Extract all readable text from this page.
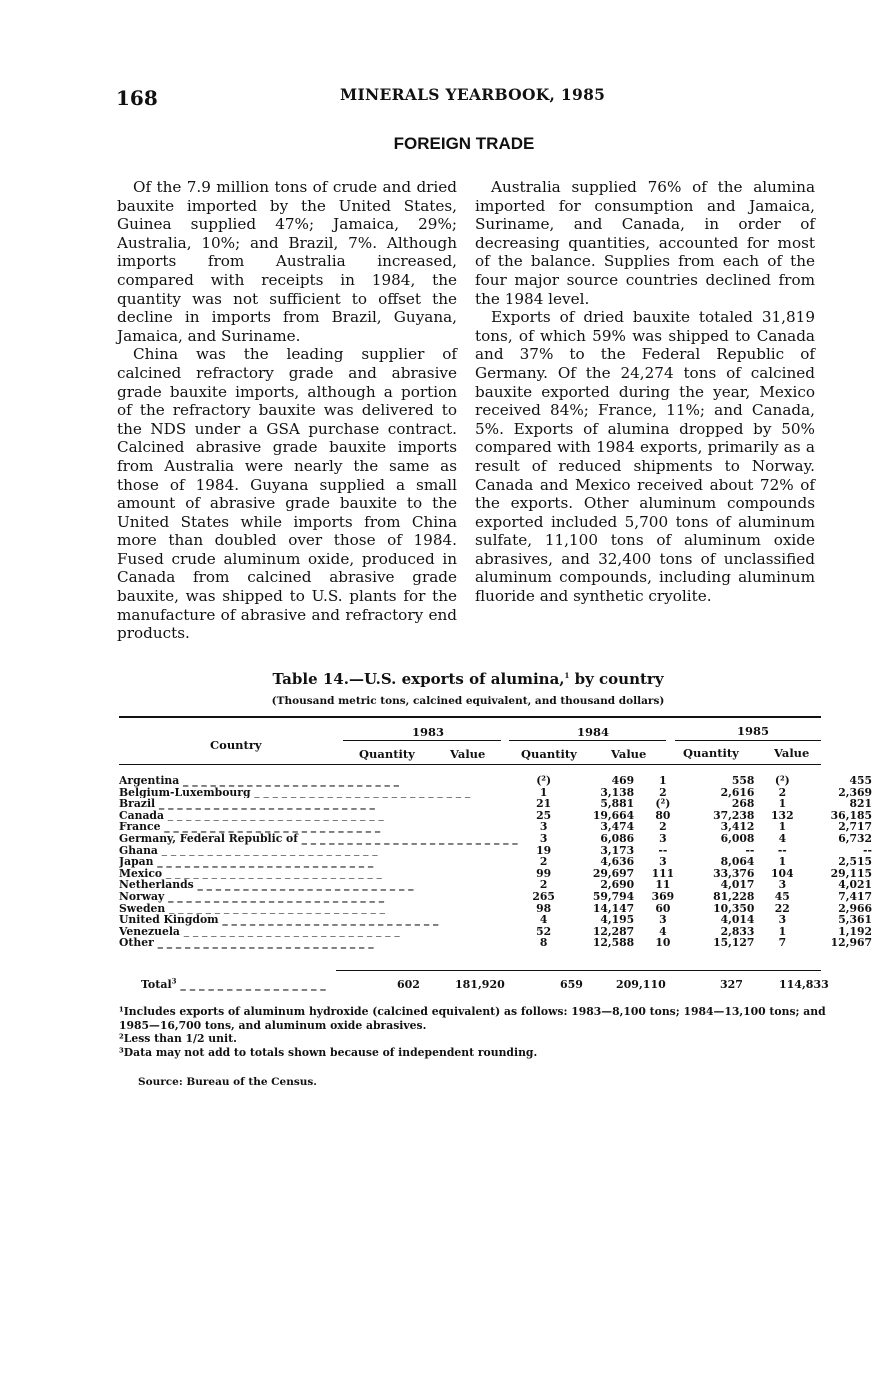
168	MINERALS YEARBOOK, 1985
FOREIGN TRADE

Of the 7.9 million tons of crude and dried bauxite imported by the United States, Guinea supplied 47%; Jamaica, 29%; Australia, 10%; and Brazil, 7%. Although imports from Australia increased, compared with receipts in 1984, the quantity was not sufficient to offset the decline in imports from Brazil, Guyana, Jamaica, and Suriname.

China was the leading supplier of calcined refractory grade and abrasive grade bauxite imports, although a portion of the refractory bauxite was delivered to the NDS under a GSA purchase contract. Calcined abrasive grade bauxite imports from Australia were nearly the same as those of 1984. Guyana supplied a small amount of abrasive grade bauxite to the United States while imports from China more than doubled over those of 1984. Fused crude aluminum oxide, produced in Canada from calcined abrasive grade bauxite, was shipped to U.S. plants for the manufacture of abrasive and refractory end products.

Australia supplied 76% of the alumina imported for consumption and Jamaica, Suriname, and Canada, in order of decreasing quantities, accounted for most of the balance. Supplies from each of the four major source countries declined from the 1984 level.

Exports of dried bauxite totaled 31,819 tons, of which 59% was shipped to Canada and 37% to the Federal Republic of Germany. Of the 24,274 tons of calcined bauxite exported during the year, Mexico received 84%; France, 11%; and Canada, 5%. Exports of alumina dropped by 50% compared with 1984 exports, primarily as a result of reduced shipments to Norway. Canada and Mexico received about 72% of the exports. Other aluminum compounds exported included 5,700 tons of aluminum sulfate, 11,100 tons of aluminum oxide abrasives, and 32,400 tons of unclassified aluminum compounds, including aluminum fluoride and synthetic cryolite.

Table 14.—U.S. exports of alumina,$^1$ by country
(Thousand metric tons, calcined equivalent, and thousand dollars)
Country
1983	1984	1985
Quantity	Value	Quantity	Value	Quantity	Value
Argentina _ _ _ _ _ _ _ _ _ _ _ _ _ _ _ _ _ _ _ _ _ _ _ _	(²)	469	1	558	(²)	455
Belgium-Luxembourg _ _ _ _ _ _ _ _ _ _ _ _ _ _ _ _ _ _ _ _ _ _ _ _	1	3,138	2	2,616	2	2,369
Brazil _ _ _ _ _ _ _ _ _ _ _ _ _ _ _ _ _ _ _ _ _ _ _ _	21	5,881	(²)	268	1	821
Canada _ _ _ _ _ _ _ _ _ _ _ _ _ _ _ _ _ _ _ _ _ _ _ _	25	19,664	80	37,238	132	36,185
France _ _ _ _ _ _ _ _ _ _ _ _ _ _ _ _ _ _ _ _ _ _ _ _	3	3,474	2	3,412	1	2,717
Germany, Federal Republic of _ _ _ _ _ _ _ _ _ _ _ _ _ _ _ _ _ _ _ _ _ _ _ _	3	6,086	3	6,008	4	6,732
Ghana _ _ _ _ _ _ _ _ _ _ _ _ _ _ _ _ _ _ _ _ _ _ _ _	19	3,173	--	--	--	--
Japan _ _ _ _ _ _ _ _ _ _ _ _ _ _ _ _ _ _ _ _ _ _ _ _	2	4,636	3	8,064	1	2,515
Mexico _ _ _ _ _ _ _ _ _ _ _ _ _ _ _ _ _ _ _ _ _ _ _ _	99	29,697	111	33,376	104	29,115
Netherlands _ _ _ _ _ _ _ _ _ _ _ _ _ _ _ _ _ _ _ _ _ _ _ _	2	2,690	11	4,017	3	4,021
Norway _ _ _ _ _ _ _ _ _ _ _ _ _ _ _ _ _ _ _ _ _ _ _ _	265	59,794	369	81,228	45	7,417
Sweden _ _ _ _ _ _ _ _ _ _ _ _ _ _ _ _ _ _ _ _ _ _ _ _	98	14,147	60	10,350	22	2,966
United Kingdom _ _ _ _ _ _ _ _ _ _ _ _ _ _ _ _ _ _ _ _ _ _ _ _	4	4,195	3	4,014	3	5,361
Venezuela _ _ _ _ _ _ _ _ _ _ _ _ _ _ _ _ _ _ _ _ _ _ _ _	52	12,287	4	2,833	1	1,192
Other _ _ _ _ _ _ _ _ _ _ _ _ _ _ _ _ _ _ _ _ _ _ _ _	8	12,588	10	15,127	7	12,967
Total$^3$ _ _ _ _ _ _ _ _ _ _ _ _ _ _ _ _	602	181,920	659	209,110	327	114,833

¹Includes exports of aluminum hydroxide (calcined equivalent) as follows: 1983—8,100 tons; 1984—13,100 tons; and 1985—16,700 tons, and aluminum oxide abrasives.

²Less than 1/2 unit.

³Data may not add to totals shown because of independent rounding.

Source: Bureau of the Census.
